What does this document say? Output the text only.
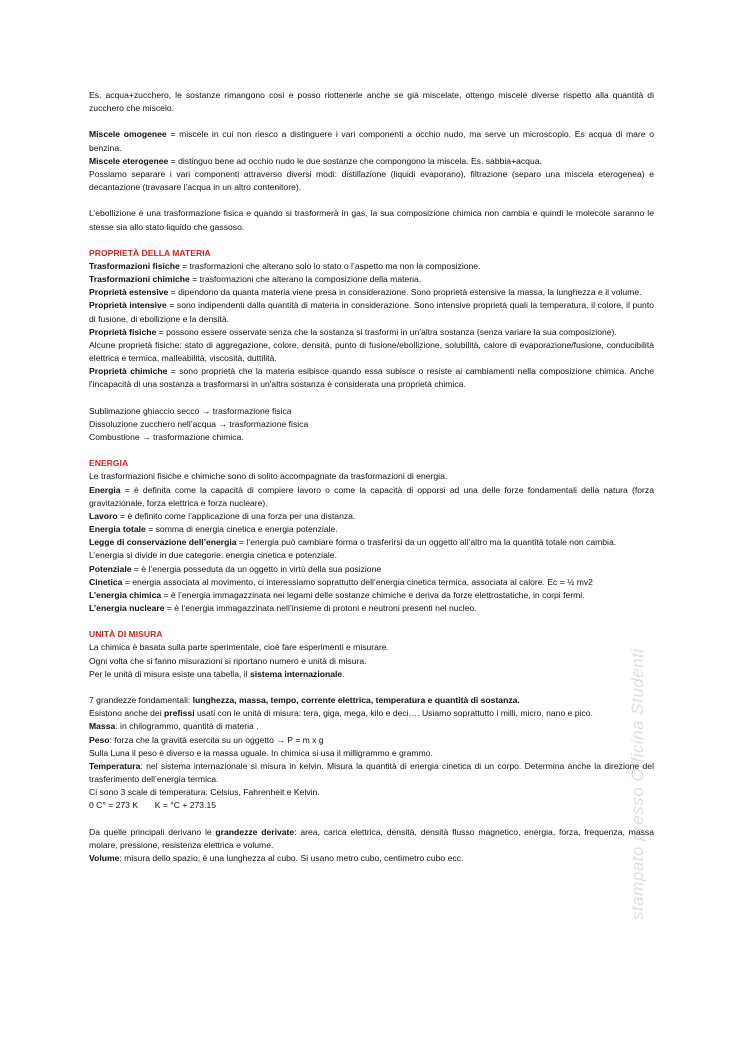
Es. acqua+zucchero, le sostanze rimangono così e posso riottenerle anche se già miscelate, ottengo miscele diverse rispetto alla quantità di zucchero che miscelo.

Miscele omogenee = miscele in cui non riesco a distinguere i vari componenti a occhio nudo, ma serve un microscopio. Es acqua di mare o benzina.

Miscele eterogenee = distinguo bene ad occhio nudo le due sostanze che compongono la miscela. Es. sabbia+acqua.

Possiamo separare i vari componenti attraverso diversi modi: distillazione (liquidi evaporano), filtrazione (separo una miscela eterogenea) e decantazione (travasare l’acqua in un altro contenitore).

L’ebollizione è una trasformazione fisica e quando si trasformerà in gas, la sua composizione chimica non cambia e quindi le molecole saranno le stesse sia allo stato liquido che gassoso.

PROPRIETÀ DELLA MATERIA

Trasformazioni fisiche = trasformazioni che alterano solo lo stato o l’aspetto ma non la composizione.

Trasformazioni chimiche = trasformazioni che alterano la composizione della materia.

Proprietà estensive = dipendono da quanta materia viene presa in considerazione. Sono proprietà estensive la massa, la lunghezza e il volume.

Proprietà intensive = sono indipendenti dalla quantità di materia in considerazione. Sono intensive proprietà quali la temperatura, il colore, il punto di fusione, di ebollizione e la densità.

Proprietà fisiche = possono essere osservate senza che la sostanza si trasformi in un'altra sostanza (senza variare la sua composizione).

Alcune proprietà fisiche: stato di aggregazione, colore, densità, punto di fusione/ebollizione, solubilità, calore di evaporazione/fusione, conducibilità elettrica e termica, malleabilità, viscosità, duttilità.

Proprietà chimiche = sono proprietà che la materia esibisce quando essa subisce o resiste ai cambiamenti nella composizione chimica. Anche l'incapacità di una sostanza a trasformarsi in un'altra sostanza è considerata una proprietà chimica.

Sublimazione ghiaccio secco → trasformazione fisica

Dissoluzione zucchero nell’acqua → trasformazione fisica

Combustione → trasformazione chimica.

ENERGIA

Le trasformazioni fisiche e chimiche sono di solito accompagnate da trasformazioni di energia.

Energia = è definita come la capacità di compiere lavoro o come la capacità di opporsi ad una delle forze fondamentali della natura (forza gravitazionale, forza elettrica e forza nucleare).

Lavoro = è definito come l’applicazione di una forza per una distanza.

Energia totale = somma di energia cinetica e energia potenziale.

Legge di conservazione dell’energia = l’energia può cambiare forma o trasferirsi da un oggetto all’altro ma la quantità totale non cambia.

L’energia si divide in due categorie: energia cinetica e potenziale.

Potenziale = è l’energia posseduta da un oggetto in virtù della sua posizione

Cinetica = energia associata al movimento, ci interessiamo soprattutto dell’energia cinetica termica, associata al calore. Ec = ½ mv2

L’energia chimica = è l’energia immagazzinata nei legami delle sostanze chimiche e deriva da forze elettrostatiche, in corpi fermi.

L’energia nucleare = è l’energia immagazzinata nell’insieme di protoni e neutroni presenti nel nucleo.

UNITÀ DI MISURA

La chimica è basata sulla parte sperimentale, cioè fare esperimenti e misurare.

Ogni volta che si fanno misurazioni si riportano numero e unità di misura.

Per le unità di misura esiste una tabella, il sistema internazionale.

7 grandezze fondamentali: lunghezza, massa, tempo, corrente elettrica, temperatura e quantità di sostanza.

Esistono anche dei prefissi usati con le unità di misura: tera, giga, mega, kilo e deci…. Usiamo soprattutto i milli, micro, nano e pico.

Massa: in chilogrammo, quantità di materia .

Peso: forza che la gravità esercita su un oggetto → P = m x g

Sulla Luna il peso è diverso e la massa uguale. In chimica si usa il milligrammo e grammo.

Temperatura: nel sistema internazionale si misura in kelvin. Misura la quantità di energia cinetica di un corpo. Determina anche la direzione del trasferimento dell’energia termica.

Ci sono 3 scale di temperatura: Celsius, Fahrenheit e Kelvin.

0 C° = 273 K       K = °C + 273.15

Da quelle principali derivano le grandezze derivate: area, carica elettrica, densità, densità flusso magnetico, energia, forza, frequenza, massa molare, pressione, resistenza elettrica e volume.

Volume: misura dello spazio, è una lunghezza al cubo. Si usano metro cubo, centimetro cubo ecc.	stampato presso Officina Studenti
